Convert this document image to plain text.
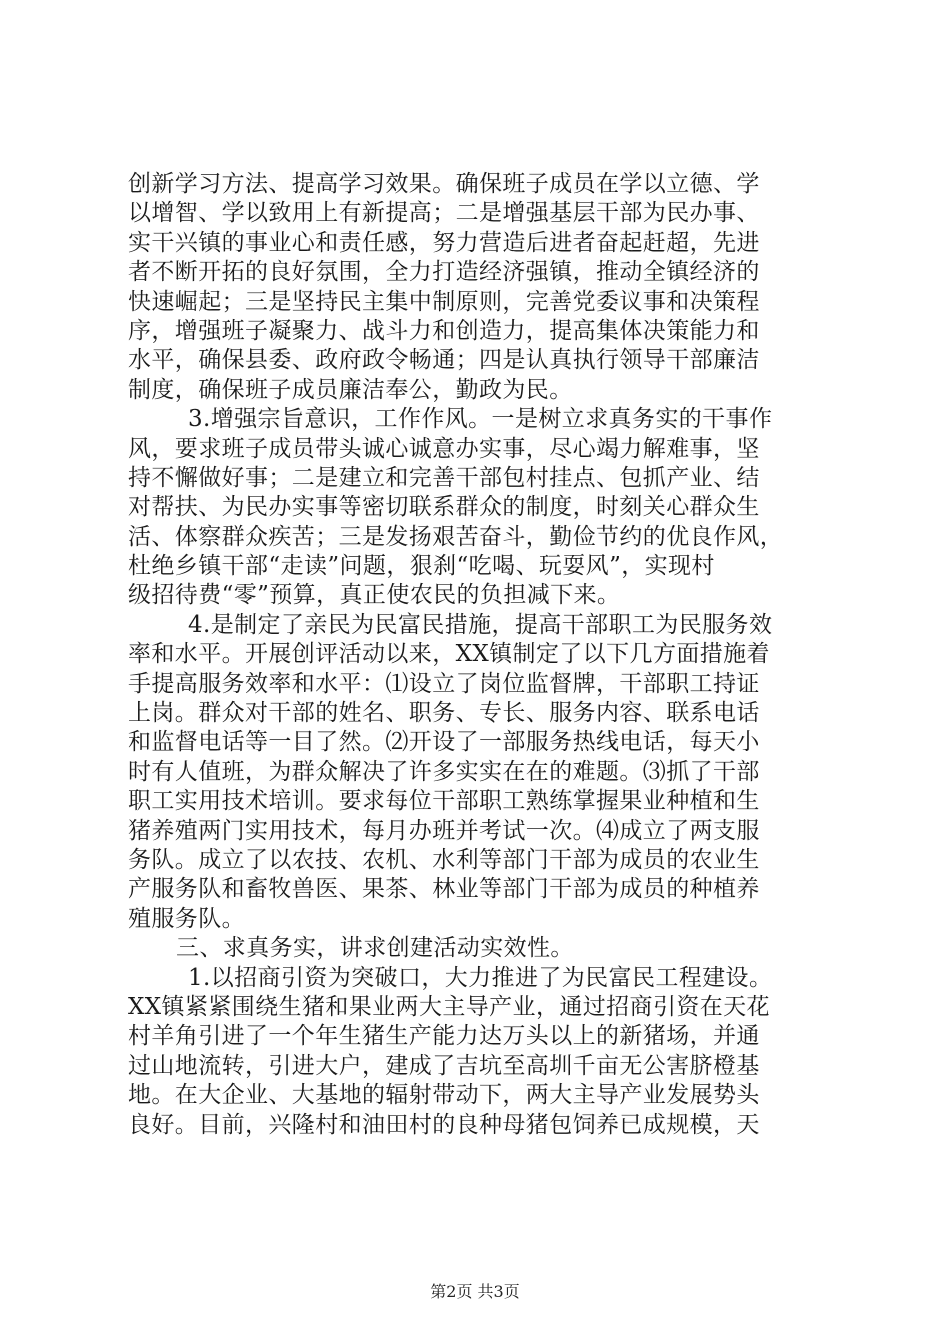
创新学习方法、提高学习效果。确保班子成员在学以立德、学
以增智、学以致用上有新提高；二是增强基层干部为民办事、
实干兴镇的事业心和责任感，努力营造后进者奋起赶超，先进
者不断开拓的良好氛围，全力打造经济强镇，推动全镇经济的
快速崛起；三是坚持民主集中制原则，完善党委议事和决策程
序，增强班子凝聚力、战斗力和创造力，提高集体决策能力和
水平，确保县委、政府政令畅通；四是认真执行领导干部廉洁
制度，确保班子成员廉洁奉公，勤政为民。
3.增强宗旨意识，工作作风。一是树立求真务实的干事作
风，要求班子成员带头诚心诚意办实事，尽心竭力解难事，坚
持不懈做好事；二是建立和完善干部包村挂点、包抓产业、结
对帮扶、为民办实事等密切联系群众的制度，时刻关心群众生
活、体察群众疾苦；三是发扬艰苦奋斗，勤俭节约的优良作风，
杜绝乡镇干部“走读”问题，狠刹“吃喝、玩耍风”，实现村
级招待费“零”预算，真正使农民的负担减下来。
4.是制定了亲民为民富民措施，提高干部职工为民服务效
率和水平。开展创评活动以来，XX镇制定了以下几方面措施着
手提高服务效率和水平：⑴设立了岗位监督牌，干部职工持证
上岗。群众对干部的姓名、职务、专长、服务内容、联系电话
和监督电话等一目了然。⑵开设了一部服务热线电话，每天小
时有人值班，为群众解决了许多实实在在的难题。⑶抓了干部
职工实用技术培训。要求每位干部职工熟练掌握果业种植和生
猪养殖两门实用技术，每月办班并考试一次。⑷成立了两支服
务队。成立了以农技、农机、水利等部门干部为成员的农业生
产服务队和畜牧兽医、果茶、林业等部门干部为成员的种植养
殖服务队。
三、求真务实，讲求创建活动实效性。
1.以招商引资为突破口，大力推进了为民富民工程建设。
XX镇紧紧围绕生猪和果业两大主导产业，通过招商引资在天花
村羊角引进了一个年生猪生产能力达万头以上的新猪场，并通
过山地流转，引进大户，建成了吉坑至高圳千亩无公害脐橙基
地。在大企业、大基地的辐射带动下，两大主导产业发展势头
良好。目前，兴隆村和油田村的良种母猪包饲养已成规模，天
第2页 共3页
